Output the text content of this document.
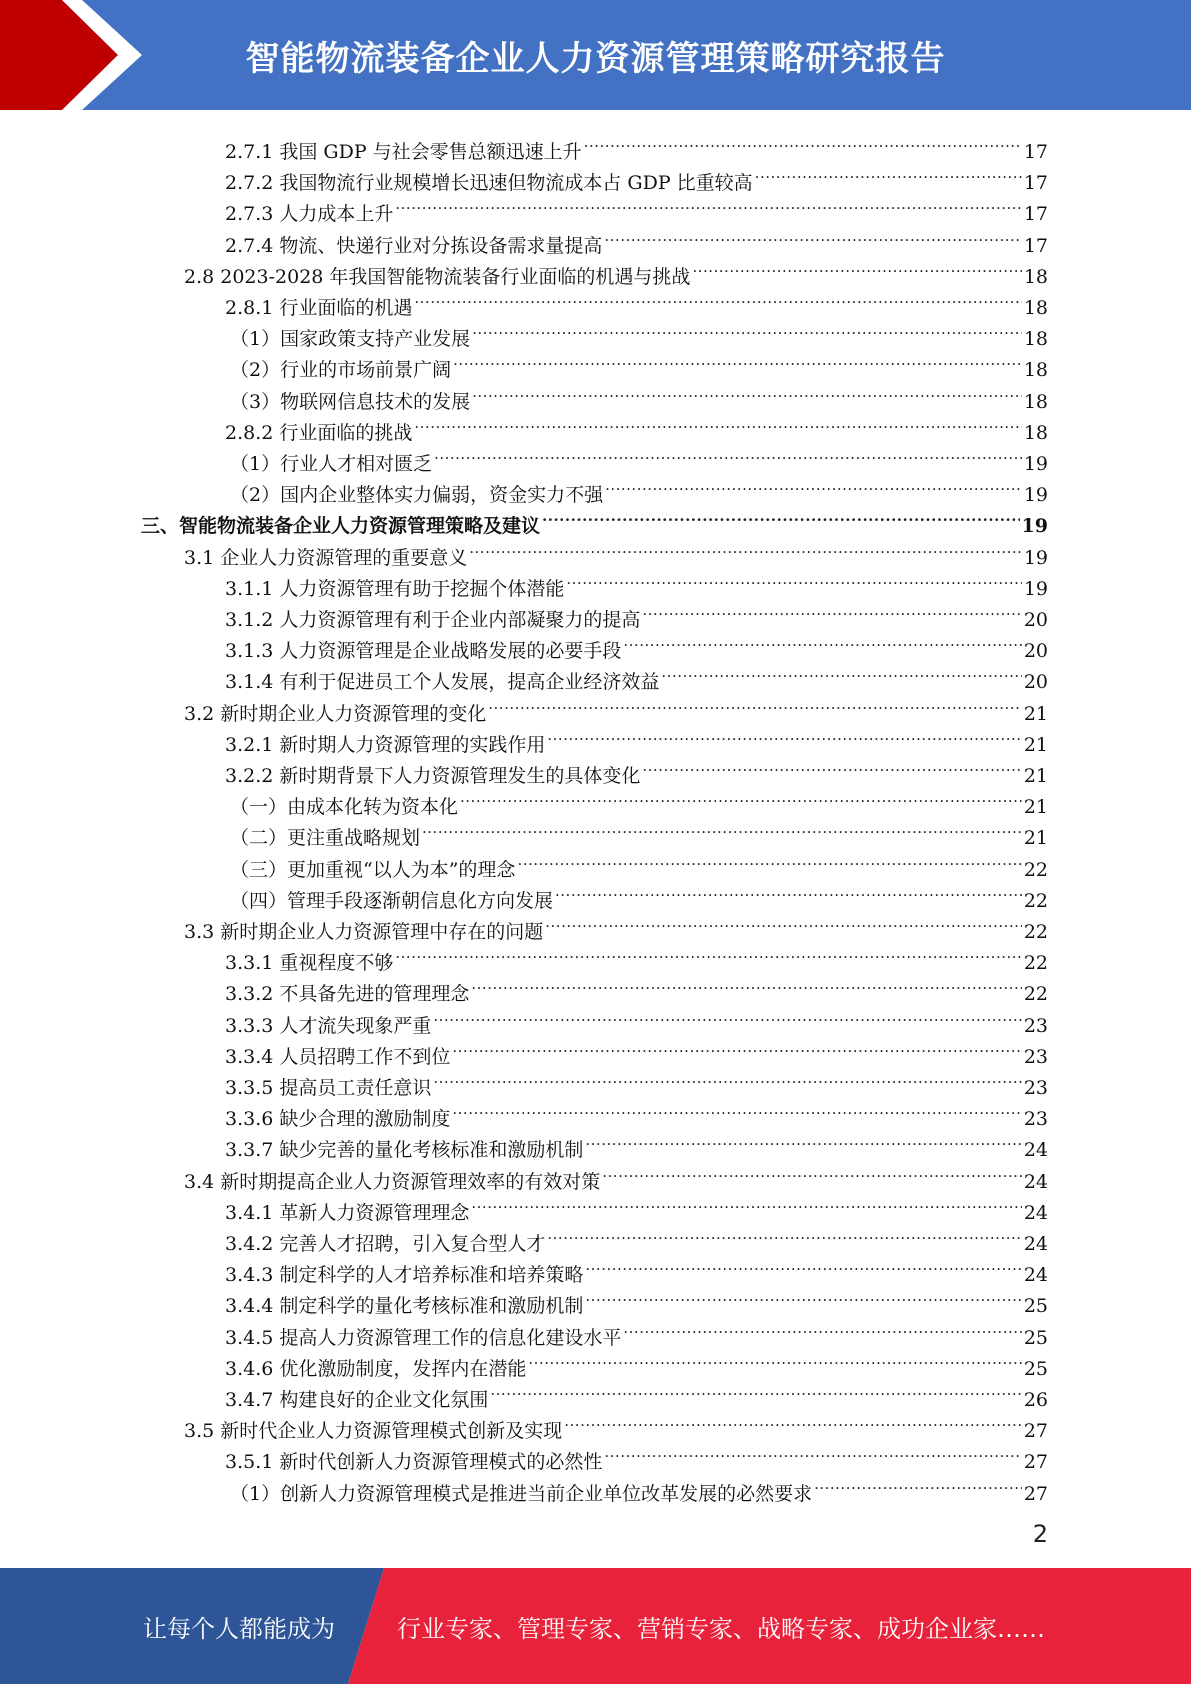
智能物流装备企业人力资源管理策略研究报告
2.7.1 我国 GDP 与社会零售总额迅速上升 .....	17
2.7.2 我国物流行业规模增长迅速但物流成本占 GDP 比重较高 .....	17
2.7.3 人力成本上升 .....	17
2.7.4 物流、快递行业对分拣设备需求量提高 .....	17
2.8 2023-2028 年我国智能物流装备行业面临的机遇与挑战 .....	18
2.8.1 行业面临的机遇 .....	18
（1）国家政策支持产业发展 .....	18
（2）行业的市场前景广阔 .....	18
（3）物联网信息技术的发展 .....	18
2.8.2 行业面临的挑战 .....	18
（1）行业人才相对匮乏 .....	19
（2）国内企业整体实力偏弱，资金实力不强 .....	19
三、智能物流装备企业人力资源管理策略及建议 .....	19
3.1 企业人力资源管理的重要意义 .....	19
3.1.1 人力资源管理有助于挖掘个体潜能 .....	19
3.1.2 人力资源管理有利于企业内部凝聚力的提高 .....	20
3.1.3 人力资源管理是企业战略发展的必要手段 .....	20
3.1.4 有利于促进员工个人发展，提高企业经济效益 .....	20
3.2 新时期企业人力资源管理的变化 .....	21
3.2.1 新时期人力资源管理的实践作用 .....	21
3.2.2 新时期背景下人力资源管理发生的具体变化 .....	21
（一）由成本化转为资本化 .....	21
（二）更注重战略规划 .....	21
（三）更加重视“以人为本”的理念 .....	22
（四）管理手段逐渐朝信息化方向发展 .....	22
3.3 新时期企业人力资源管理中存在的问题 .....	22
3.3.1 重视程度不够 .....	22
3.3.2 不具备先进的管理理念 .....	22
3.3.3 人才流失现象严重 .....	23
3.3.4 人员招聘工作不到位 .....	23
3.3.5 提高员工责任意识 .....	23
3.3.6 缺少合理的激励制度 .....	23
3.3.7 缺少完善的量化考核标准和激励机制 .....	24
3.4 新时期提高企业人力资源管理效率的有效对策 .....	24
3.4.1 革新人力资源管理理念 .....	24
3.4.2 完善人才招聘，引入复合型人才 .....	24
3.4.3 制定科学的人才培养标准和培养策略 .....	24
3.4.4 制定科学的量化考核标准和激励机制 .....	25
3.4.5 提高人力资源管理工作的信息化建设水平 .....	25
3.4.6 优化激励制度，发挥内在潜能 .....	25
3.4.7 构建良好的企业文化氛围 .....	26
3.5 新时代企业人力资源管理模式创新及实现 .....	27
3.5.1 新时代创新人力资源管理模式的必然性 .....	27
（1）创新人力资源管理模式是推进当前企业单位改革发展的必然要求 .....	27
2
让每个人都能成为	行业专家、管理专家、营销专家、战略专家、成功企业家……
